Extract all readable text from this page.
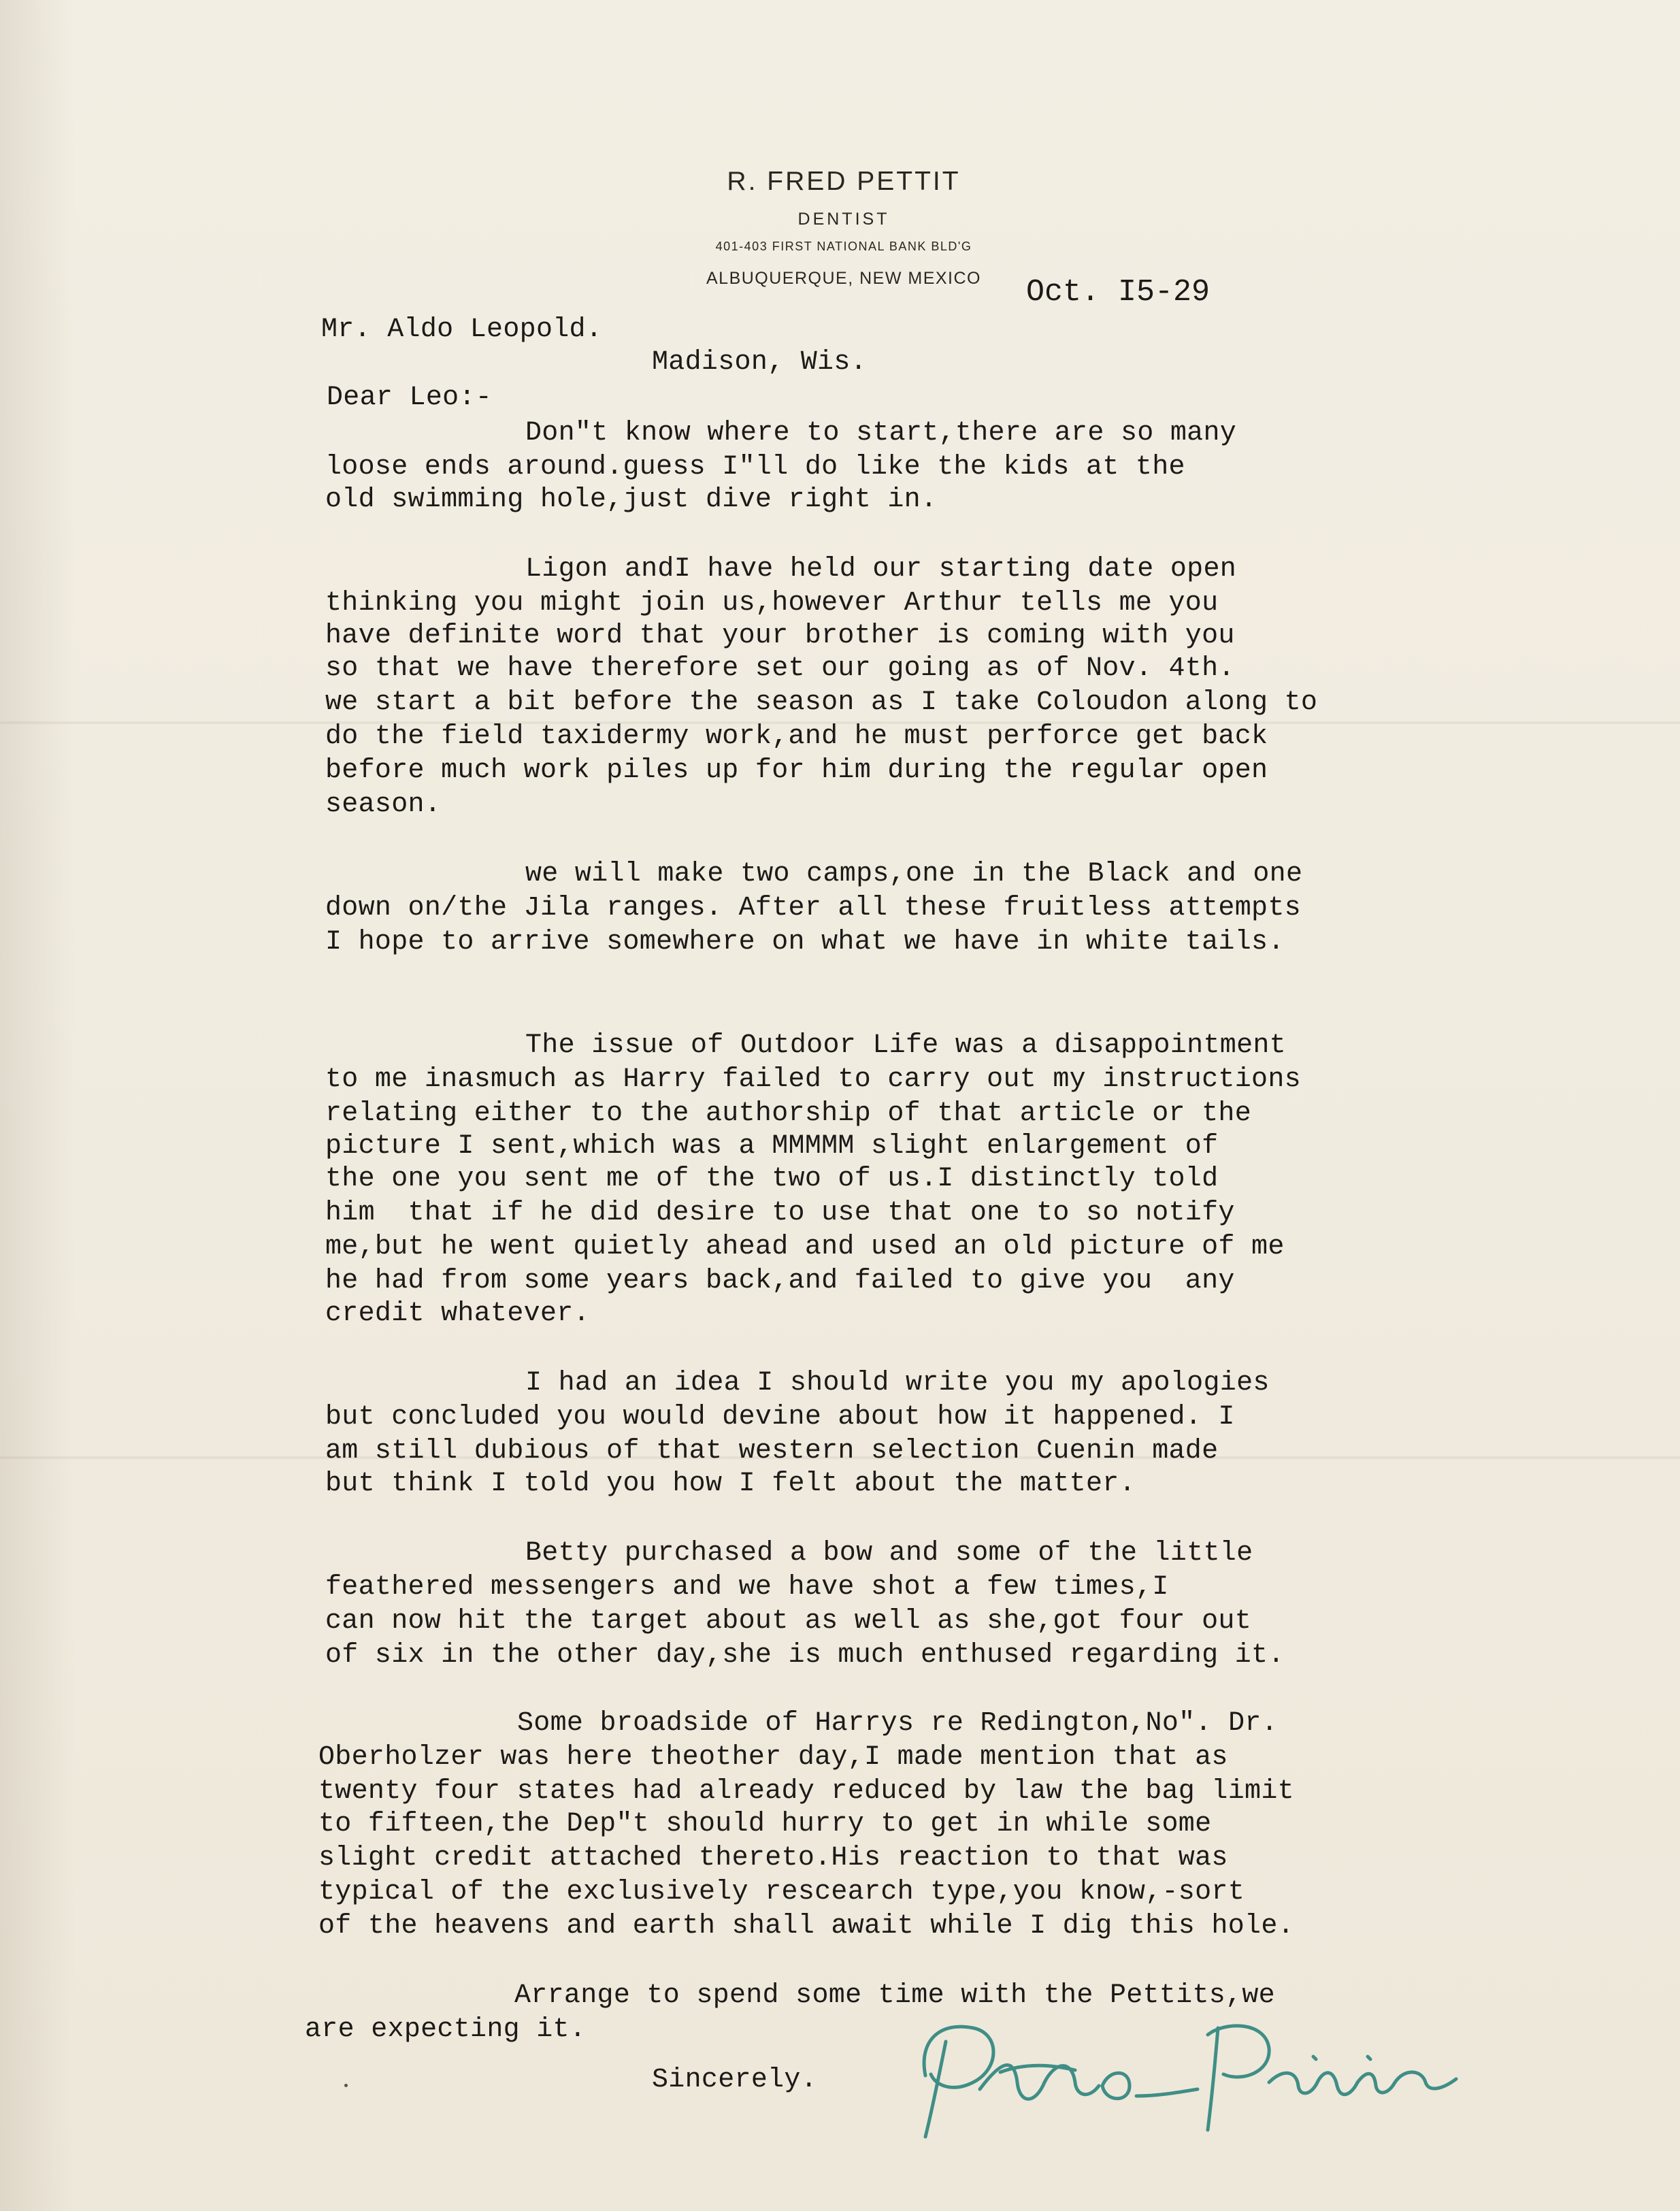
R. FRED PETTIT
DENTIST
401-403 FIRST NATIONAL BANK BLD'G
ALBUQUERQUE, NEW MEXICO	Oct. I5-29
Mr. Aldo Leopold.
Madison, Wis.
Dear Leo:-
Don"t know where to start,there are so many
loose ends around.guess I"ll do like the kids at the
old swimming hole,just dive right in.
Ligon andI have held our starting date open
thinking you might join us,however Arthur tells me you
have definite word that your brother is coming with you
so that we have therefore set our going as of Nov. 4th.
we start a bit before the season as I take Coloudon along to
do the field taxidermy work,and he must perforce get back
before much work piles up for him during the regular open
season.
we will make two camps,one in the Black and one
down on/the Jila ranges. After all these fruitless attempts
I hope to arrive somewhere on what we have in white tails.
The issue of Outdoor Life was a disappointment
to me inasmuch as Harry failed to carry out my instructions
relating either to the authorship of that article or the
picture I sent,which was a MMMMM slight enlargement of
the one you sent me of the two of us.I distinctly told
him  that if he did desire to use that one to so notify
me,but he went quietly ahead and used an old picture of me
he had from some years back,and failed to give you  any
credit whatever.
I had an idea I should write you my apologies
but concluded you would devine about how it happened. I
am still dubious of that western selection Cuenin made
but think I told you how I felt about the matter.
Betty purchased a bow and some of the little
feathered messengers and we have shot a few times,I
can now hit the target about as well as she,got four out
of six in the other day,she is much enthused regarding it.
Some broadside of Harrys re Redington,No". Dr.
Oberholzer was here theother day,I made mention that as
twenty four states had already reduced by law the bag limit
to fifteen,the Dep"t should hurry to get in while some
slight credit attached thereto.His reaction to that was
typical of the exclusively rescearch type,you know,-sort
of the heavens and earth shall await while I dig this hole.
Arrange to spend some time with the Pettits,we
are expecting it.
Sincerely.
